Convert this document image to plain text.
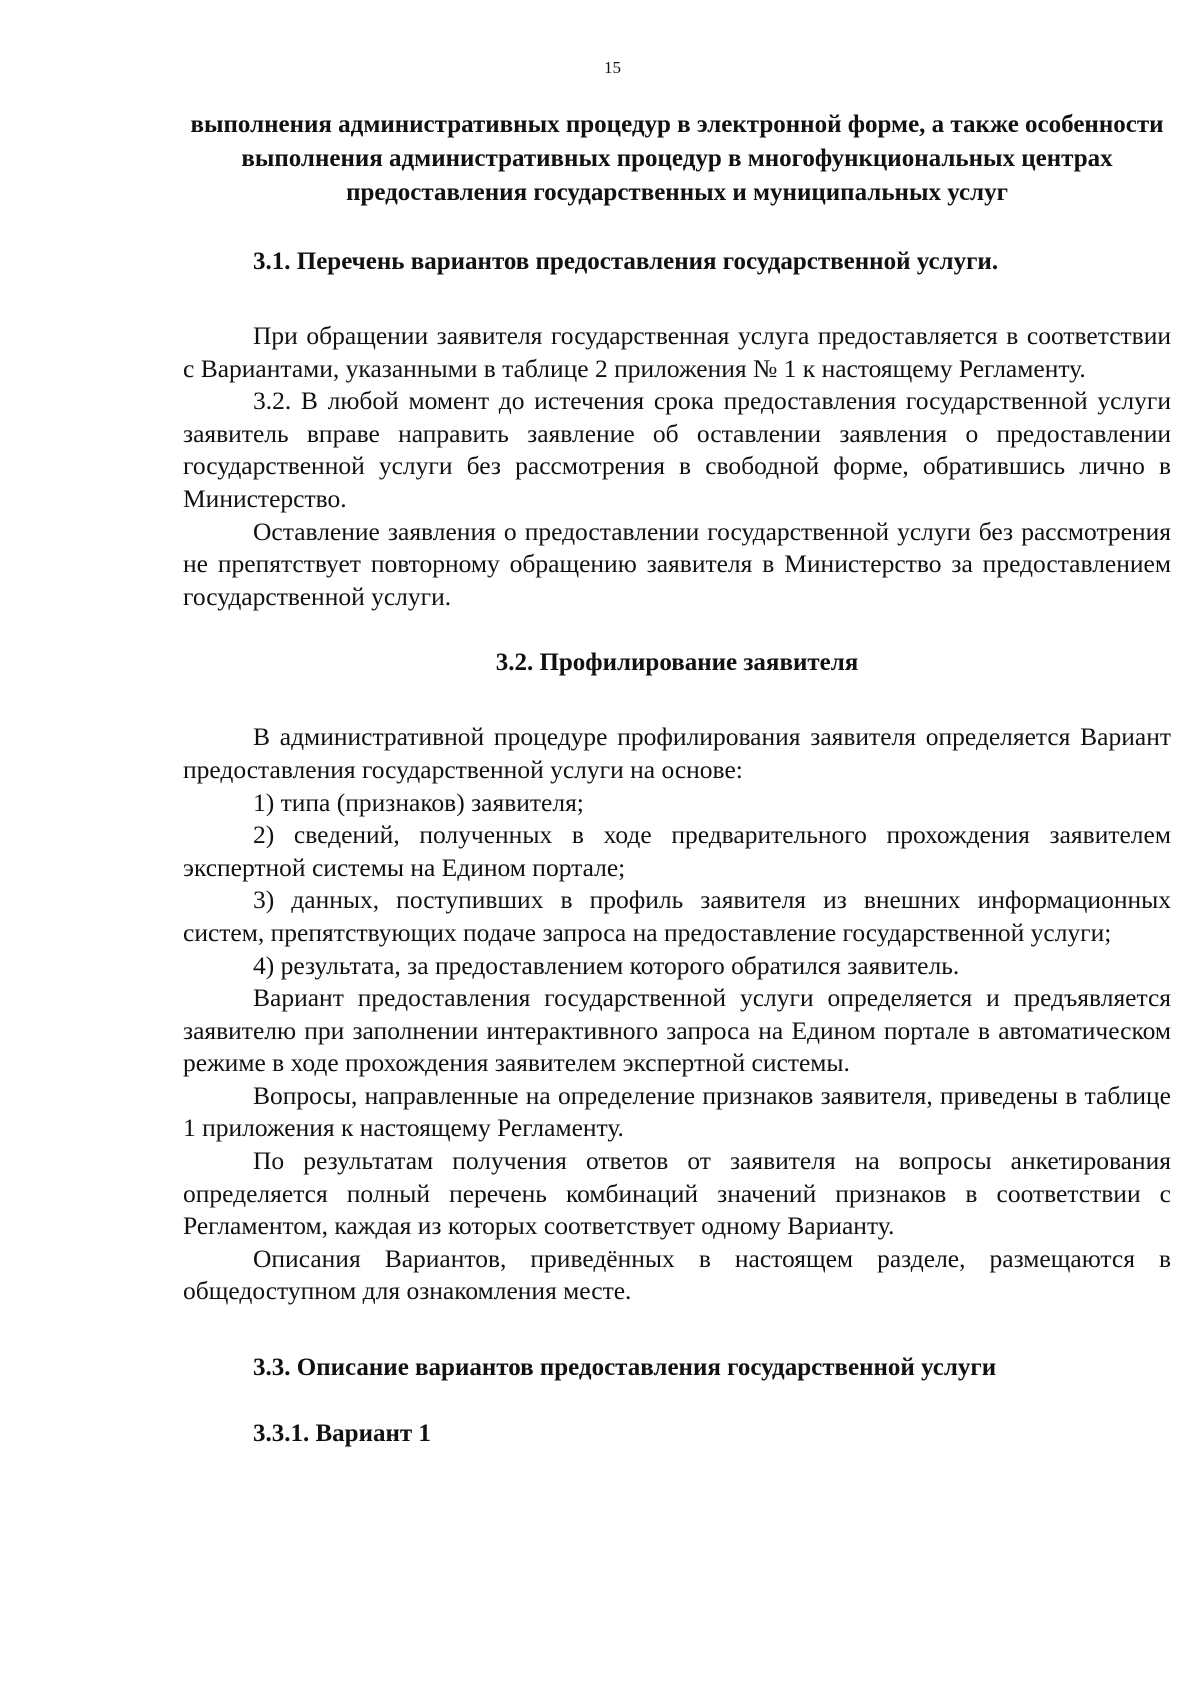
15

выполнения административных процедур в электронной форме, а также особенности выполнения административных процедур в многофункциональных центрах предоставления государственных и муниципальных услуг

3.1. Перечень вариантов предоставления государственной услуги.

При обращении заявителя государственная услуга предоставляется в соответствии с Вариантами, указанными в таблице 2 приложения № 1 к настоящему Регламенту.

3.2. В любой момент до истечения срока предоставления государственной услуги заявитель вправе направить заявление об оставлении заявления о предоставлении государственной услуги без рассмотрения в свободной форме, обратившись лично в Министерство.

Оставление заявления о предоставлении государственной услуги без рассмотрения не препятствует повторному обращению заявителя в Министерство за предоставлением государственной услуги.

3.2. Профилирование заявителя

В административной процедуре профилирования заявителя определяется Вариант предоставления государственной услуги на основе:

1) типа (признаков) заявителя;

2) сведений, полученных в ходе предварительного прохождения заявителем экспертной системы на Едином портале;

3) данных, поступивших в профиль заявителя из внешних информационных систем, препятствующих подаче запроса на предоставление государственной услуги;

4) результата, за предоставлением которого обратился заявитель.

Вариант предоставления государственной услуги определяется и предъявляется заявителю при заполнении интерактивного запроса на Едином портале в автоматическом режиме в ходе прохождения заявителем экспертной системы.

Вопросы, направленные на определение признаков заявителя, приведены в таблице 1 приложения к настоящему Регламенту.

По результатам получения ответов от заявителя на вопросы анкетирования определяется полный перечень комбинаций значений признаков в соответствии с Регламентом, каждая из которых соответствует одному Варианту.

Описания Вариантов, приведённых в настоящем разделе, размещаются в общедоступном для ознакомления месте.

3.3. Описание вариантов предоставления государственной услуги

3.3.1. Вариант 1
